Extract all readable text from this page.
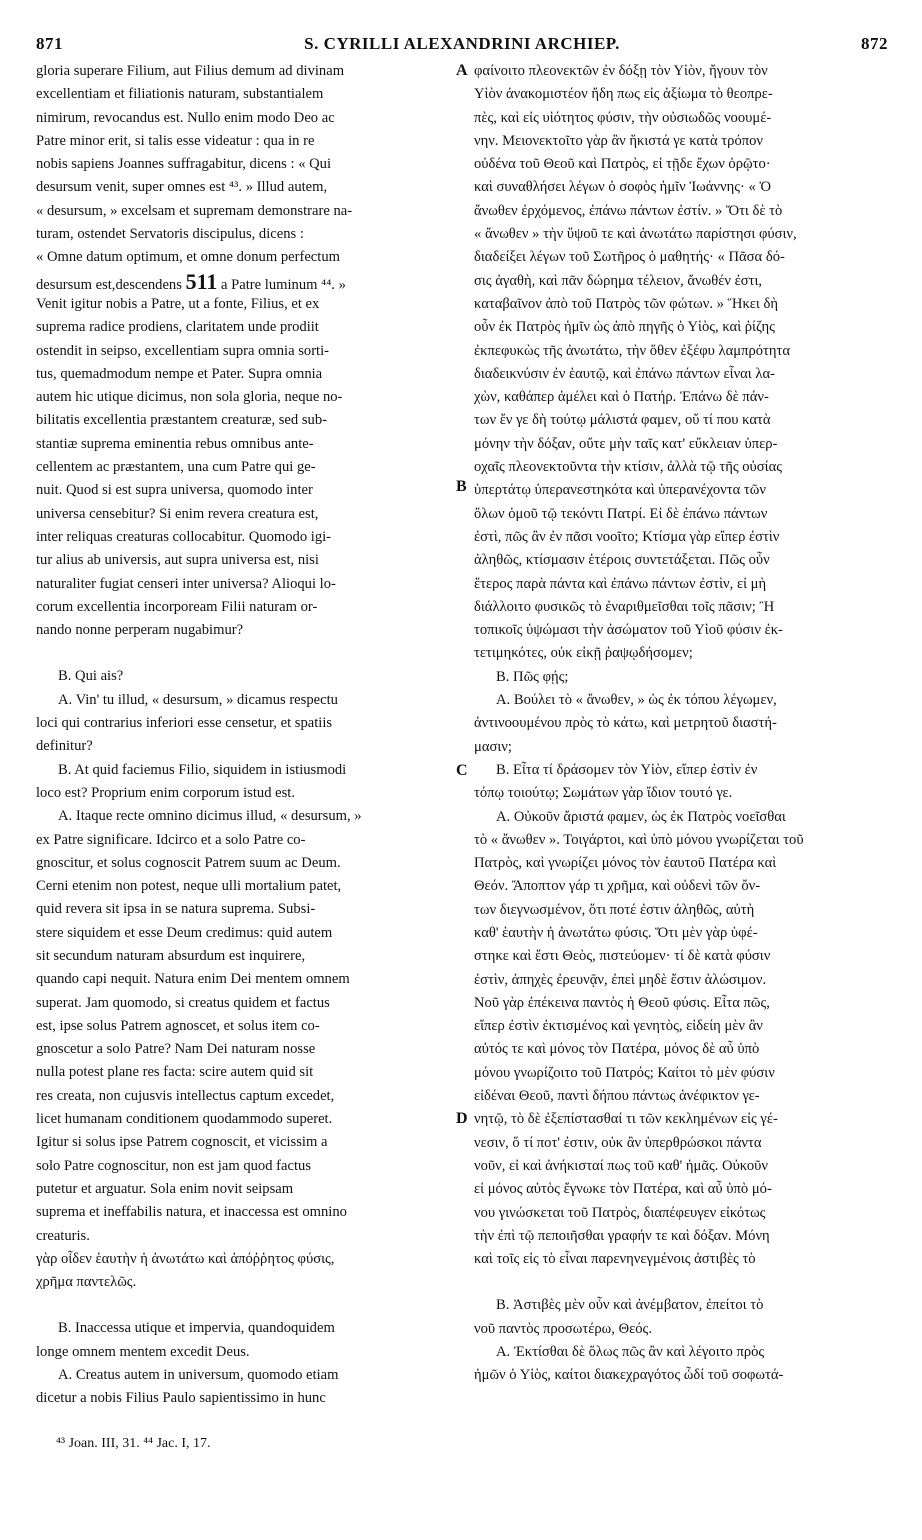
871	S. CYRILLI ALEXANDRINI ARCHIEP.	872
gloria superare Filium, aut Filius demum ad divinam
excellentiam et filiationis naturam, substantialem
nimirum, revocandus est. Nullo enim modo Deo ac
Patre minor erit, si talis esse videatur : qua in re
nobis sapiens Joannes suffragabitur, dicens : « Qui
desursum venit, super omnes est ⁴³. » Illud autem,
« desursum, » excelsam et supremam demonstrare na-
turam, ostendet Servatoris discipulus, dicens :
« Omne datum optimum, et omne donum perfectum
desursum est,descendens 511 a Patre luminum ⁴⁴. »
Venit igitur nobis a Patre, ut a fonte, Filius, et ex
suprema radice prodiens, claritatem unde prodiit
ostendit in seipso, excellentiam supra omnia sorti-
tus, quemadmodum nempe et Pater. Supra omnia
autem hic utique dicimus, non sola gloria, neque no-
bilitatis excellentia præstantem creaturæ, sed sub-
stantiæ suprema eminentia rebus omnibus ante-
cellentem ac præstantem, una cum Patre qui ge-
nuit. Quod si est supra universa, quomodo inter
universa censebitur? Si enim revera creatura est,
inter reliquas creaturas collocabitur. Quomodo igi-
tur alius ab universis, aut supra universa est, nisi
naturaliter fugiat censeri inter universa? Alioqui lo-
corum excellentia incorpoream Filii naturam or-
nando nonne perperam nugabimur?
B. Qui ais?
A. Vin' tu illud, « desursum, » dicamus respectu
loci qui contrarius inferiori esse censetur, et spatiis
definitur?
B. At quid faciemus Filio, siquidem in istiusmodi
loco est? Proprium enim corporum istud est.
A. Itaque recte omnino dicimus illud, « desursum, »
ex Patre significare. Idcirco et a solo Patre co-
gnoscitur, et solus cognoscit Patrem suum ac Deum.
Cerni etenim non potest, neque ulli mortalium patet,
quid revera sit ipsa in se natura suprema. Subsi-
stere siquidem et esse Deum credimus: quid autem
sit secundum naturam absurdum est inquirere,
quando capi nequit. Natura enim Dei mentem omnem
superat. Jam quomodo, si creatus quidem et factus
est, ipse solus Patrem agnoscet, et solus item co-
gnoscetur a solo Patre? Nam Dei naturam nosse
nulla potest plane res facta: scire autem quid sit
res creata, non cujusvis intellectus captum excedet,
licet humanam conditionem quodammodo superet.
Igitur si solus ipse Patrem cognoscit, et vicissim a
solo Patre cognoscitur, non est jam quod factus
putetur et arguatur. Sola enim novit seipsam
suprema et ineffabilis natura, et inaccessa est omnino
creaturis.
γὰρ οἶδεν ἑαυτὴν ἡ ἀνωτάτω καὶ ἀπόῤῥητος φύσις,
χρῆμα παντελῶς.
B. Inaccessa utique et impervia, quandoquidem
longe omnem mentem excedit Deus.
A. Creatus autem in universum, quomodo etiam
dicetur a nobis Filius Paulo sapientissimo in hunc
φαίνοιτο πλεονεκτῶν ἐν δόξῃ τὸν Υἱὸν, ἤγουν τὸν
Υἱὸν ἀνακομιστέον ἤδη πως εἰς ἀξίωμα τὸ θεοπρε-
πὲς, καὶ εἰς υἱότητος φύσιν, τὴν οὐσιωδῶς νοουμέ-
νην. Μειονεκτοῖτο γὰρ ἂν ἥκιστά γε κατὰ τρόπον
οὐδένα τοῦ Θεοῦ καὶ Πατρὸς, εἰ τῇδε ἔχων ὁρῷτο·
καὶ συναθλήσει λέγων ὁ σοφὸς ἡμῖν Ἰωάννης· « Ὁ
ἄνωθεν ἐρχόμενος, ἐπάνω πάντων ἐστίν. » Ὅτι δὲ τὸ
« ἄνωθεν » τὴν ὕψοῦ τε καὶ ἀνωτάτω παρίστησι φύσιν,
διαδείξει λέγων τοῦ Σωτῆρος ὁ μαθητής· « Πᾶσα δό-
σις ἀγαθὴ, καὶ πᾶν δώρημα τέλειον, ἄνωθέν ἐστι,
καταβαῖνον ἀπὸ τοῦ Πατρὸς τῶν φώτων. » Ἥκει δὴ
οὖν ἐκ Πατρὸς ἡμῖν ὡς ἀπὸ πηγῆς ὁ Υἱὸς, καὶ ῥίζης
ἐκπεφυκὼς τῆς ἀνωτάτω, τὴν ὅθεν ἐξέφυ λαμπρότητα
διαδεικνύσιν ἐν ἑαυτῷ, καὶ ἐπάνω πάντων εἶναι λα-
χὼν, καθάπερ ἀμέλει καὶ ὁ Πατήρ. Ἐπάνω δὲ πάν-
των ἔν γε δὴ τούτῳ μάλιστά φαμεν, οὔ τί που κατὰ
μόνην τὴν δόξαν, οὔτε μὴν ταῖς κατ' εὔκλειαν ὑπερ-
οχαῖς πλεονεκτοῦντα τὴν κτίσιν, ἀλλὰ τῷ τῆς οὐσίας
ὑπερτάτῳ ὑπερανεστηκότα καὶ ὑπερανέχοντα τῶν
ὅλων ὁμοῦ τῷ τεκόντι Πατρί. Εἰ δὲ ἐπάνω πάντων
ἐστὶ, πῶς ἂν ἐν πᾶσι νοοῖτο; Κτίσμα γὰρ εἴπερ ἐστὶν
ἀληθῶς, κτίσμασιν ἑτέροις συντετάξεται. Πῶς οὖν
ἕτερος παρὰ πάντα καὶ ἐπάνω πάντων ἐστὶν, εἰ μὴ
διάλλοιτο φυσικῶς τὸ ἐναριθμεῖσθαι τοῖς πᾶσιν; Ἢ
τοπικοῖς ὑψώμασι τὴν ἀσώματον τοῦ Υἱοῦ φύσιν ἐκ-
τετιμηκότες, οὐκ εἰκῇ ῥαψῳδήσομεν;
B. Πῶς φῄς;
A. Βούλει τὸ « ἄνωθεν, » ὡς ἐκ τόπου λέγωμεν,
ἀντινοουμένου πρὸς τὸ κάτω, καὶ μετρητοῦ διαστή-
μασιν;
B. Εἶτα τί δράσομεν τὸν Υἱὸν, εἴπερ ἐστὶν ἐν
τόπῳ τοιούτῳ; Σωμάτων γὰρ ἴδιον τουτό γε.
A. Οὐκοῦν ἄριστά φαμεν, ὡς ἐκ Πατρὸς νοεῖσθαι
τὸ « ἄνωθεν ». Τοιγάρτοι, καὶ ὑπὸ μόνου γνωρίζεται τοῦ
Πατρὸς, καὶ γνωρίζει μόνος τὸν ἑαυτοῦ Πατέρα καὶ
Θεόν. Ἄποπτον γάρ τι χρῆμα, καὶ οὐδενὶ τῶν ὄν-
των διεγνωσμένον, ὅτι ποτέ ἐστιν ἀληθῶς, αὐτὴ
καθ' ἑαυτὴν ἡ ἀνωτάτω φύσις. Ὅτι μὲν γὰρ ὑφέ-
στηκε καὶ ἔστι Θεὸς, πιστεύομεν· τί δὲ κατὰ φύσιν
ἐστὶν, ἀπηχὲς ἐρευνᾷν, ἐπεὶ μηδὲ ἔστιν ἁλώσιμον.
Νοῦ γὰρ ἐπέκεινα παντὸς ἡ Θεοῦ φύσις. Εἶτα πῶς,
εἴπερ ἐστὶν ἐκτισμένος καὶ γενητὸς, εἰδείη μὲν ἂν
αὐτός τε καὶ μόνος τὸν Πατέρα, μόνος δὲ αὖ ὑπὸ
μόνου γνωρίζοιτο τοῦ Πατρός; Καίτοι τὸ μὲν φύσιν
εἰδέναι Θεοῦ, παντὶ δήπου πάντως ἀνέφικτον γε-
νητῷ, τὸ δὲ ἐξεπίστασθαί τι τῶν κεκλημένων εἰς γέ-
νεσιν, ὅ τί ποτ' ἐστιν, οὐκ ἂν ὑπερθρώσκοι πάντα
νοῦν, εἰ καὶ ἀνήκισταί πως τοῦ καθ' ἡμᾶς. Οὐκοῦν
εἰ μόνος αὐτὸς ἔγνωκε τὸν Πατέρα, καὶ αὖ ὑπὸ μό-
νου γινώσκεται τοῦ Πατρὸς, διαπέφευγεν εἰκότως
τὴν ἐπὶ τῷ πεποιῆσθαι γραφήν τε καὶ δόξαν. Μόνη
καὶ τοῖς εἰς τὸ εἶναι παρενηνεγμένοις ἀστιβὲς τὸ
B. Ἀστιβὲς μὲν οὖν καὶ ἀνέμβατον, ἐπείτοι τὸ
νοῦ παντὸς προσωτέρω, Θεός.
A. Ἐκτίσθαι δὲ ὅλως πῶς ἂν καὶ λέγοιτο πρὸς
ἡμῶν ὁ Υἱὸς, καίτοι διακεχραγότος ὧδί τοῦ σοφωτά-
A
B
C
D
⁴³ Joan. III, 31. ⁴⁴ Jac. I, 17.
